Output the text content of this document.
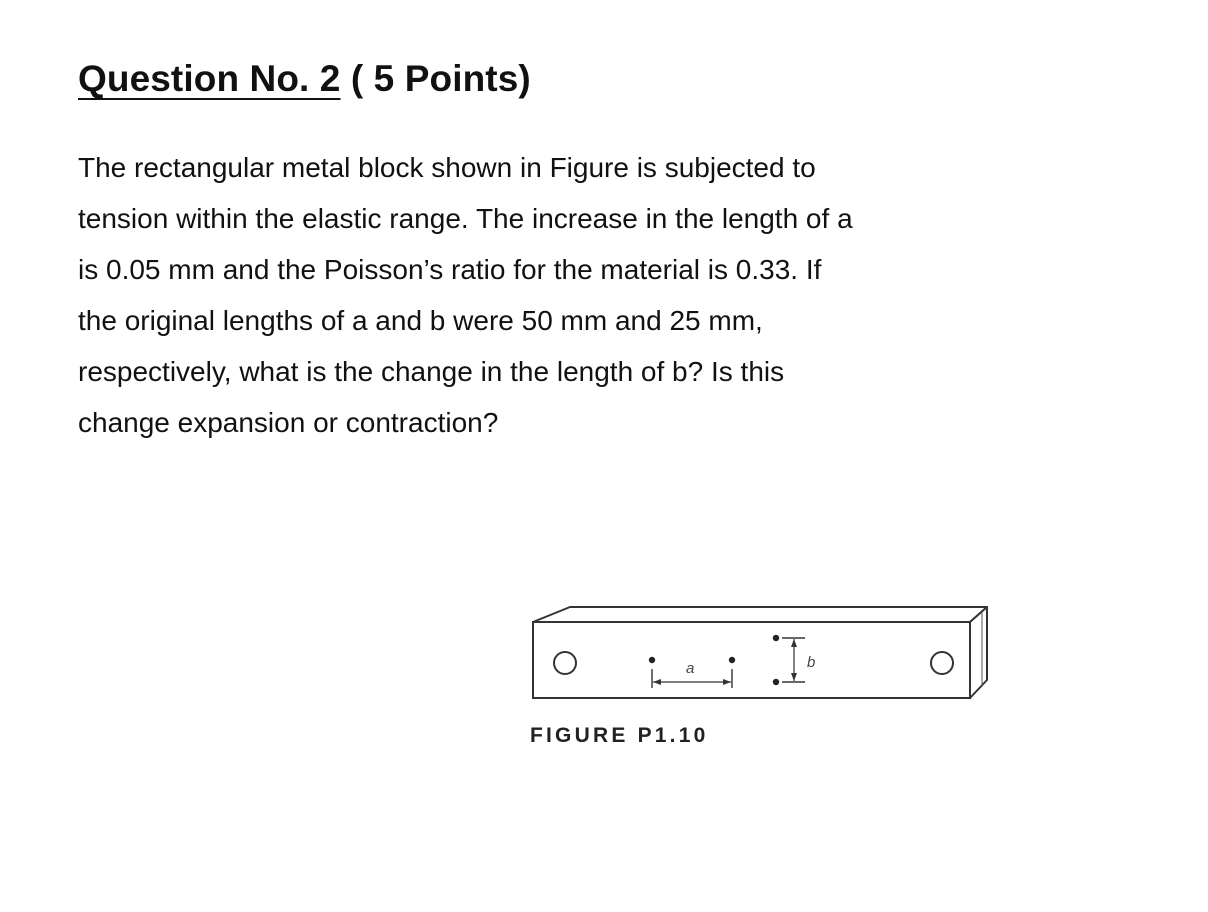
Question No. 2 ( 5 Points)
The rectangular metal block shown in Figure is subjected to
tension within the elastic range. The increase in the length of a
is 0.05 mm and the Poisson’s ratio for the material is 0.33. If
the original lengths of a and b were 50 mm and 25 mm,
respectively, what is the change in the length of b? Is this
change expansion or contraction?
a	b
FIGURE P1.10
